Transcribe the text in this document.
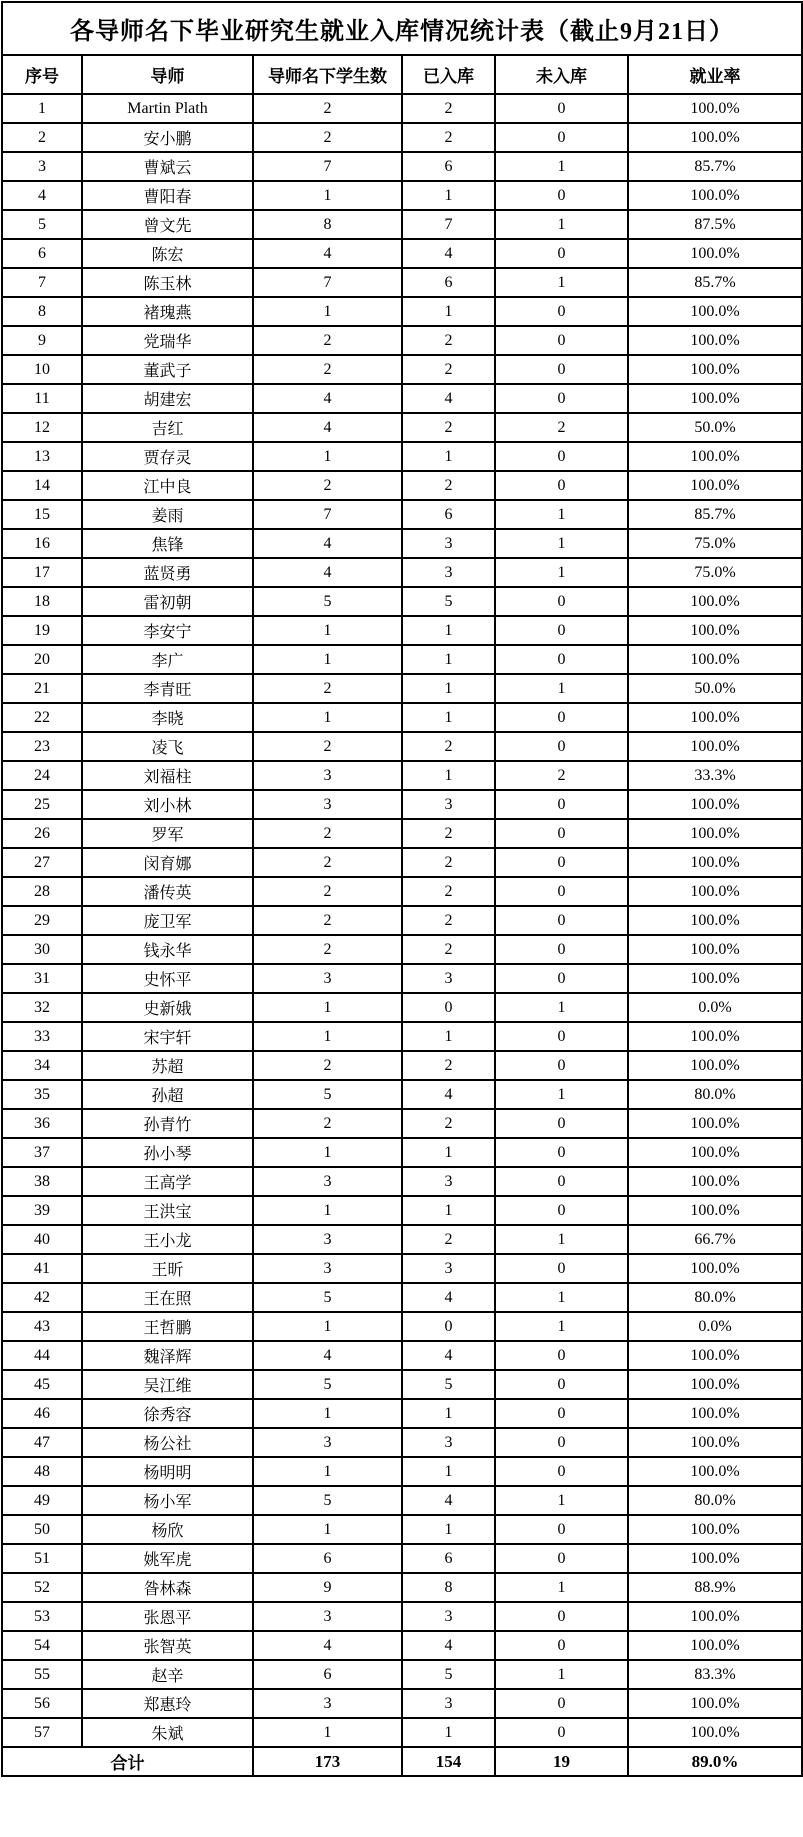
各导师名下毕业研究生就业入库情况统计表（截止9月21日）					
序号	导师	导师名下学生数	已入库	未入库	就业率
1	Martin Plath	2	2	0	100.0%
2	安小鹏	2	2	0	100.0%
3	曹斌云	7	6	1	85.7%
4	曹阳春	1	1	0	100.0%
5	曾文先	8	7	1	87.5%
6	陈宏	4	4	0	100.0%
7	陈玉林	7	6	1	85.7%
8	褚瑰燕	1	1	0	100.0%
9	党瑞华	2	2	0	100.0%
10	董武子	2	2	0	100.0%
11	胡建宏	4	4	0	100.0%
12	吉红	4	2	2	50.0%
13	贾存灵	1	1	0	100.0%
14	江中良	2	2	0	100.0%
15	姜雨	7	6	1	85.7%
16	焦锋	4	3	1	75.0%
17	蓝贤勇	4	3	1	75.0%
18	雷初朝	5	5	0	100.0%
19	李安宁	1	1	0	100.0%
20	李广	1	1	0	100.0%
21	李青旺	2	1	1	50.0%
22	李晓	1	1	0	100.0%
23	凌飞	2	2	0	100.0%
24	刘福柱	3	1	2	33.3%
25	刘小林	3	3	0	100.0%
26	罗军	2	2	0	100.0%
27	闵育娜	2	2	0	100.0%
28	潘传英	2	2	0	100.0%
29	庞卫军	2	2	0	100.0%
30	钱永华	2	2	0	100.0%
31	史怀平	3	3	0	100.0%
32	史新娥	1	0	1	0.0%
33	宋宇轩	1	1	0	100.0%
34	苏超	2	2	0	100.0%
35	孙超	5	4	1	80.0%
36	孙青竹	2	2	0	100.0%
37	孙小琴	1	1	0	100.0%
38	王高学	3	3	0	100.0%
39	王洪宝	1	1	0	100.0%
40	王小龙	3	2	1	66.7%
41	王昕	3	3	0	100.0%
42	王在照	5	4	1	80.0%
43	王哲鹏	1	0	1	0.0%
44	魏泽辉	4	4	0	100.0%
45	吴江维	5	5	0	100.0%
46	徐秀容	1	1	0	100.0%
47	杨公社	3	3	0	100.0%
48	杨明明	1	1	0	100.0%
49	杨小军	5	4	1	80.0%
50	杨欣	1	1	0	100.0%
51	姚军虎	6	6	0	100.0%
52	昝林森	9	8	1	88.9%
53	张恩平	3	3	0	100.0%
54	张智英	4	4	0	100.0%
55	赵辛	6	5	1	83.3%
56	郑惠玲	3	3	0	100.0%
57	朱斌	1	1	0	100.0%
合计		173	154	19	89.0%
